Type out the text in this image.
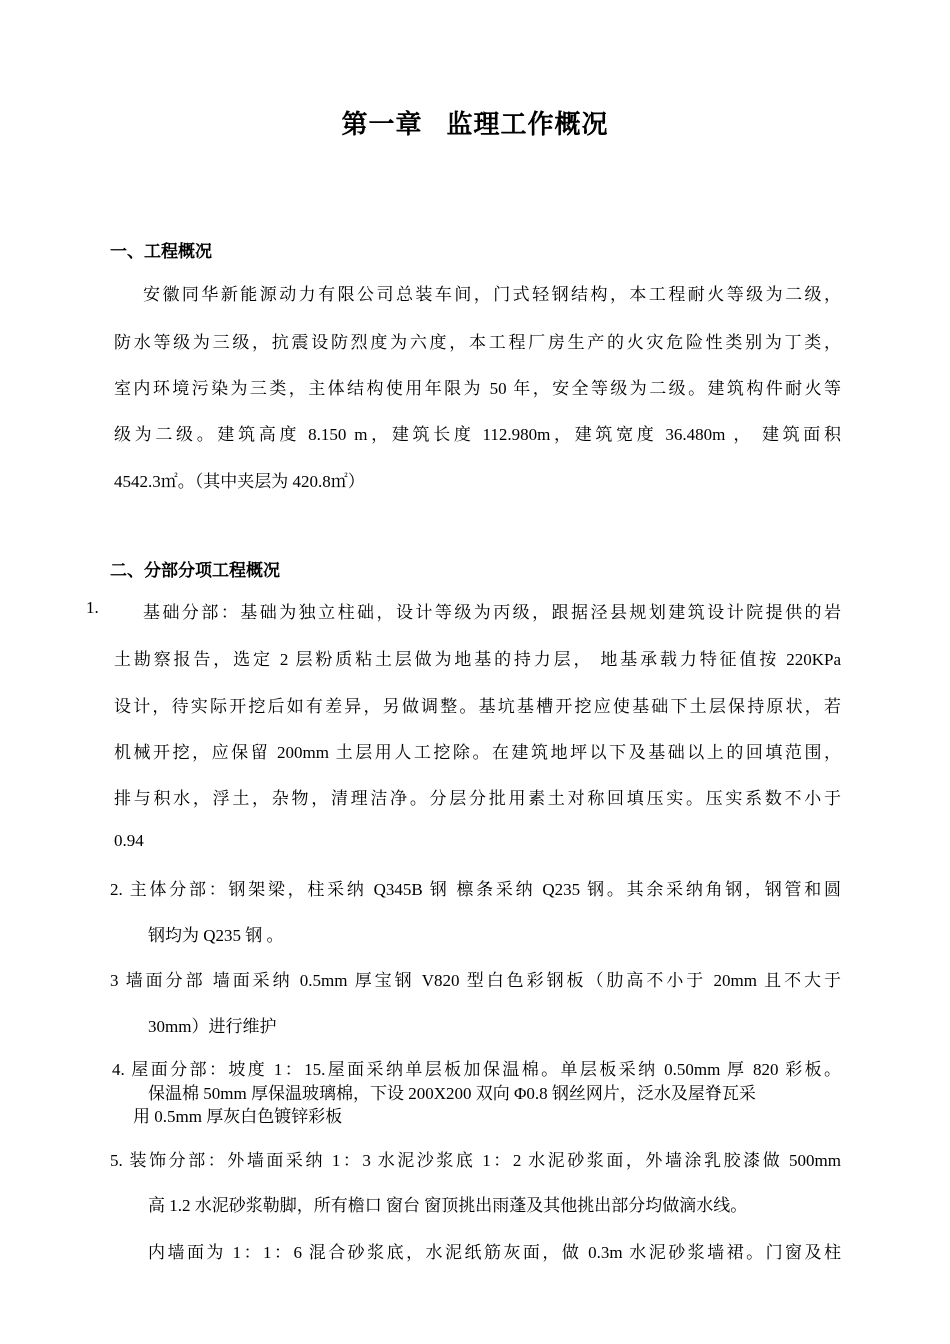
第一章 监理工作概况
一、工程概况
安徽同华新能源动力有限公司总装车间，门式轻钢结构，本工程耐火等级为二级，
防水等级为三级，抗震设防烈度为六度，本工程厂房生产的火灾危险性类别为丁类，
室内环境污染为三类，主体结构使用年限为 50 年，安全等级为二级。建筑构件耐火等
级为二级。建筑高度 8.150 m，建筑长度 112.980m，建筑宽度 36.480m ， 建筑面积
4542.3㎡。（其中夹层为 420.8㎡）
二、分部分项工程概况
1.	基础分部：基础为独立柱础，设计等级为丙级，跟据泾县规划建筑设计院提供的岩
土勘察报告，选定 2 层粉质粘土层做为地基的持力层， 地基承载力特征值按 220KPa
设计，待实际开挖后如有差异，另做调整。基坑基槽开挖应使基础下土层保持原状，若
机械开挖，应保留 200mm 土层用人工挖除。在建筑地坪以下及基础以上的回填范围，
排与积水，浮土，杂物，清理洁净。分层分批用素土对称回填压实。压实系数不小于
0.94
2. 主体分部：钢架梁，柱采纳 Q345B 钢 檩条采纳 Q235 钢。其余采纳角钢，钢管和圆
钢均为 Q235 钢 。
3 墙面分部 墙面采纳 0.5mm 厚宝钢 V820 型白色彩钢板（肋高不小于 20mm 且不大于
30mm）进行维护
4. 屋面分部：坡度 1：15.屋面采纳单层板加保温棉。单层板采纳 0.50mm 厚 820 彩板。
保温棉 50mm 厚保温玻璃棉，下设 200X200 双向 Φ0.8 钢丝网片，泛水及屋脊瓦采
用 0.5mm 厚灰白色镀锌彩板
5. 装饰分部：外墙面采纳 1：3 水泥沙浆底 1：2 水泥砂浆面，外墙涂乳胶漆做 500mm
高 1.2 水泥砂浆勒脚，所有檐口 窗台 窗顶挑出雨蓬及其他挑出部分均做滴水线。
内墙面为 1：1：6 混合砂浆底，水泥纸筋灰面，做 0.3m 水泥砂浆墙裙。门窗及柱
